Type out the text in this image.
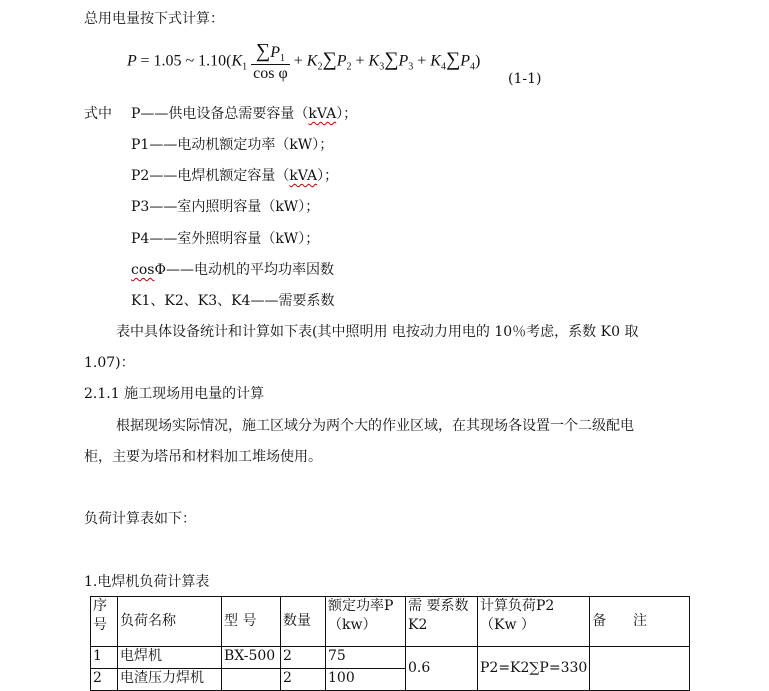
总用电量按下式计算：
P = 1.05 ~ $1.10(K_1 \frac{\sum P_1}{\text{cos φ}} + K_2\sum P_2 + K_3\sum P_3 + K_4\sum P_4)$
(1-1)
式中 P——供电设备总需要容量（kVA）；
P1——电动机额定功率（kW）；
P2——电焊机额定容量（kVA）；
P3——室内照明容量（kW）；
P4——室外照明容量（kW）；
cosΦ——电动机的平均功率因数
K1、K2、K3、K4——需要系数
表中具体设备统计和计算如下表(其中照明用 电按动力用电的 10％考虑，系数 K0 取
1.07)：
2.1.1 施工现场用电量的计算
根据现场实际情况，施工区域分为两个大的作业区域，在其现场各设置一个二级配电
柜，主要为塔吊和材料加工堆场使用。
负荷计算表如下：
1.电焊机负荷计算表
序号	负荷名称	型 号	数量	额定功率P（kw）	需 要系数 K2	计算负荷P2（Kw ）	备      注
1	电焊机	BX-500	2	75	0.6	P2=K2∑P=330	
2	电渣压力焊机		2	100			
